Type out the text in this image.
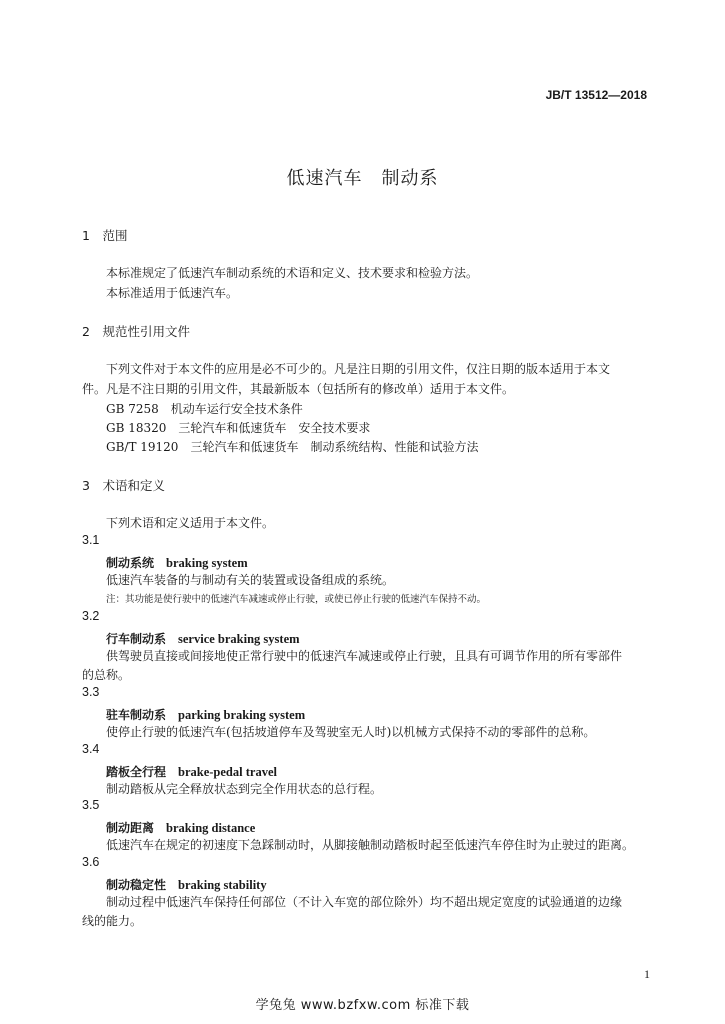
JB/T 13512—2018
低速汽车　制动系
1　范围
本标准规定了低速汽车制动系统的术语和定义、技术要求和检验方法。
本标准适用于低速汽车。
2　规范性引用文件
下列文件对于本文件的应用是必不可少的。凡是注日期的引用文件，仅注日期的版本适用于本文
件。凡是不注日期的引用文件，其最新版本（包括所有的修改单）适用于本文件。
GB 7258　机动车运行安全技术条件
GB 18320　三轮汽车和低速货车　安全技术要求
GB/T 19120　三轮汽车和低速货车　制动系统结构、性能和试验方法
3　术语和定义
下列术语和定义适用于本文件。
3.1
制动系统 braking system
低速汽车装备的与制动有关的装置或设备组成的系统。
注：其功能是使行驶中的低速汽车减速或停止行驶，或使已停止行驶的低速汽车保持不动。
3.2
行车制动系 service braking system
供驾驶员直接或间接地使正常行驶中的低速汽车减速或停止行驶，且具有可调节作用的所有零部件
的总称。
3.3
驻车制动系 parking braking system
使停止行驶的低速汽车(包括坡道停车及驾驶室无人时)以机械方式保持不动的零部件的总称。
3.4
踏板全行程 brake-pedal travel
制动踏板从完全释放状态到完全作用状态的总行程。
3.5
制动距离 braking distance
低速汽车在规定的初速度下急踩制动时，从脚接触制动踏板时起至低速汽车停住时为止驶过的距离。
3.6
制动稳定性 braking stability
制动过程中低速汽车保持任何部位（不计入车宽的部位除外）均不超出规定宽度的试验通道的边缘
线的能力。
1
学兔兔 www.bzfxw.com 标准下载
